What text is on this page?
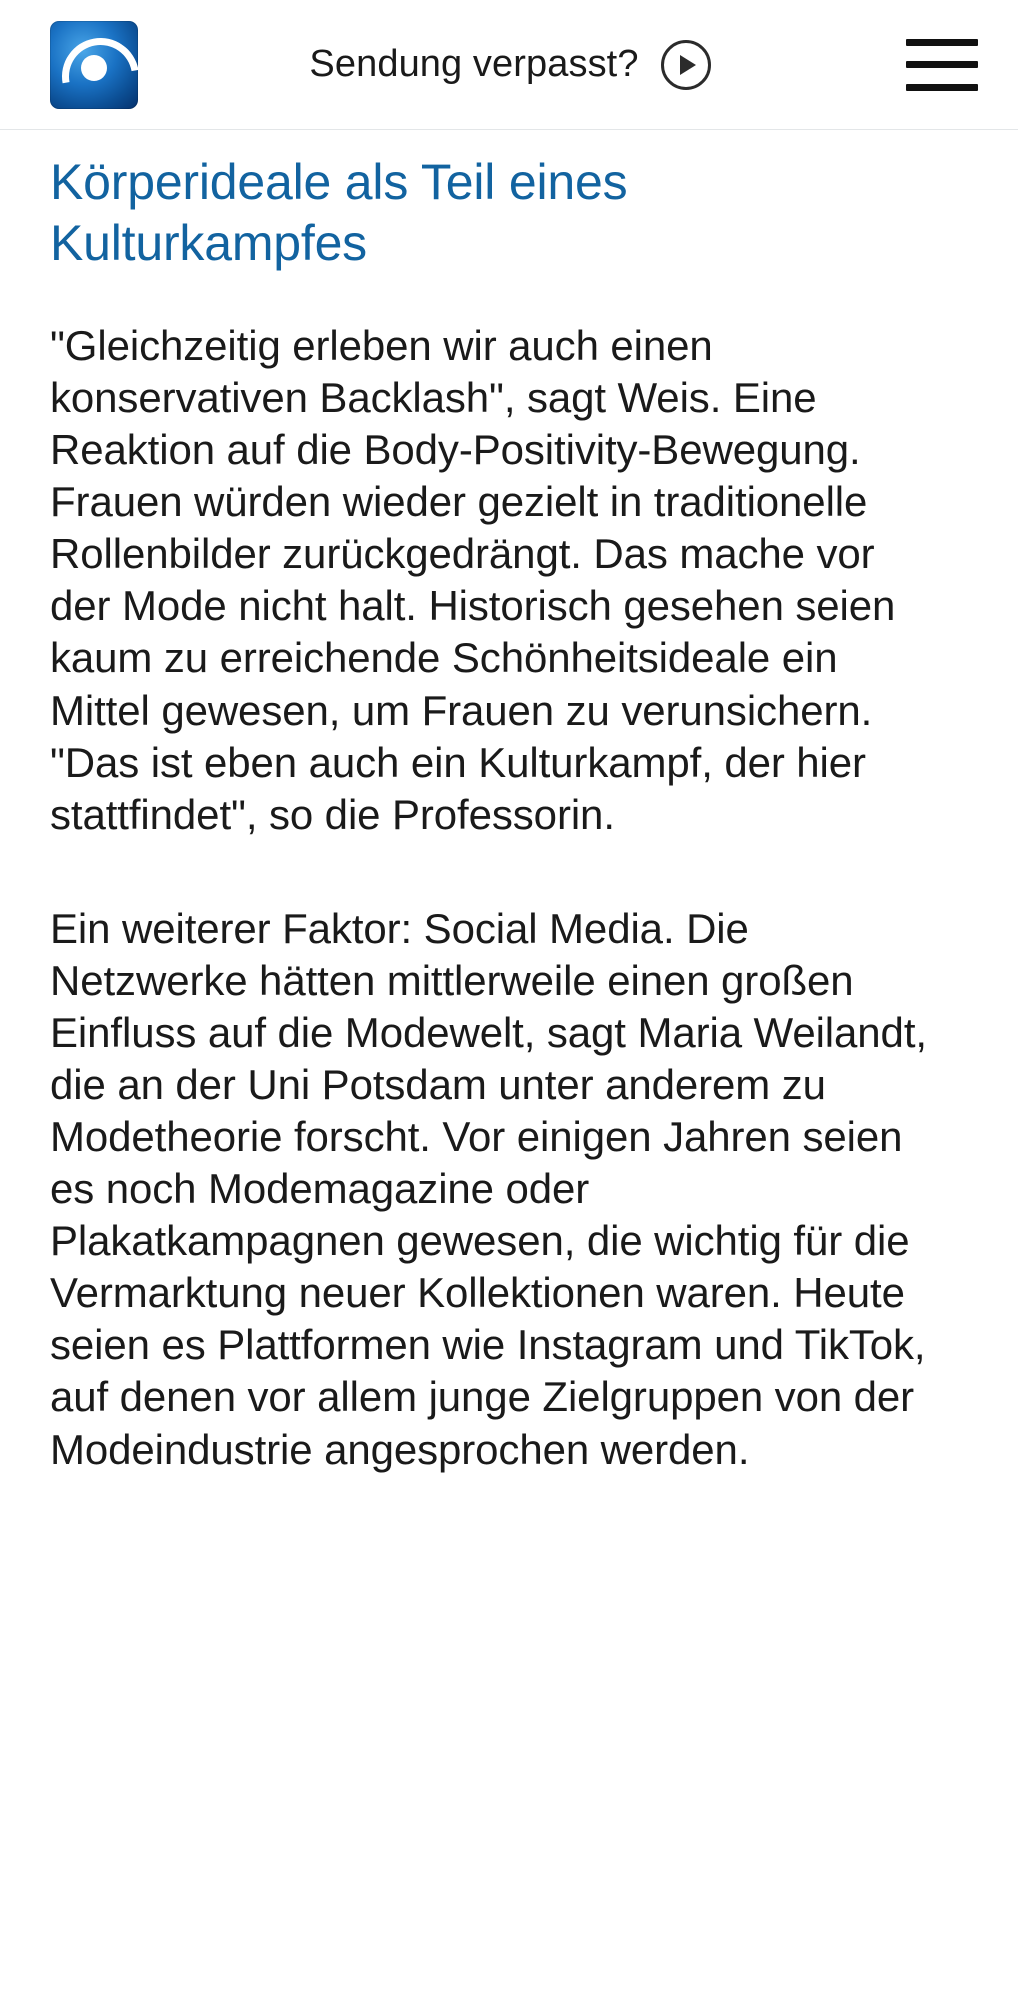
Sendung verpasst?
Körperideale als Teil eines Kulturkampfes

"Gleichzeitig erleben wir auch einen konservativen Backlash", sagt Weis. Eine Reaktion auf die Body-Positivity-Bewegung. Frauen würden wieder gezielt in traditionelle Rollenbilder zurückgedrängt. Das mache vor der Mode nicht halt. Historisch gesehen seien kaum zu erreichende Schönheitsideale ein Mittel gewesen, um Frauen zu verunsichern. "Das ist eben auch ein Kulturkampf, der hier stattfindet", so die Professorin.

Ein weiterer Faktor: Social Media. Die Netzwerke hätten mittlerweile einen großen Einfluss auf die Modewelt, sagt Maria Weilandt, die an der Uni Potsdam unter anderem zu Modetheorie forscht. Vor einigen Jahren seien es noch Modemagazine oder Plakatkampagnen gewesen, die wichtig für die Vermarktung neuer Kollektionen waren. Heute seien es Plattformen wie Instagram und TikTok, auf denen vor allem junge Zielgruppen von der Modeindustrie angesprochen werden.
